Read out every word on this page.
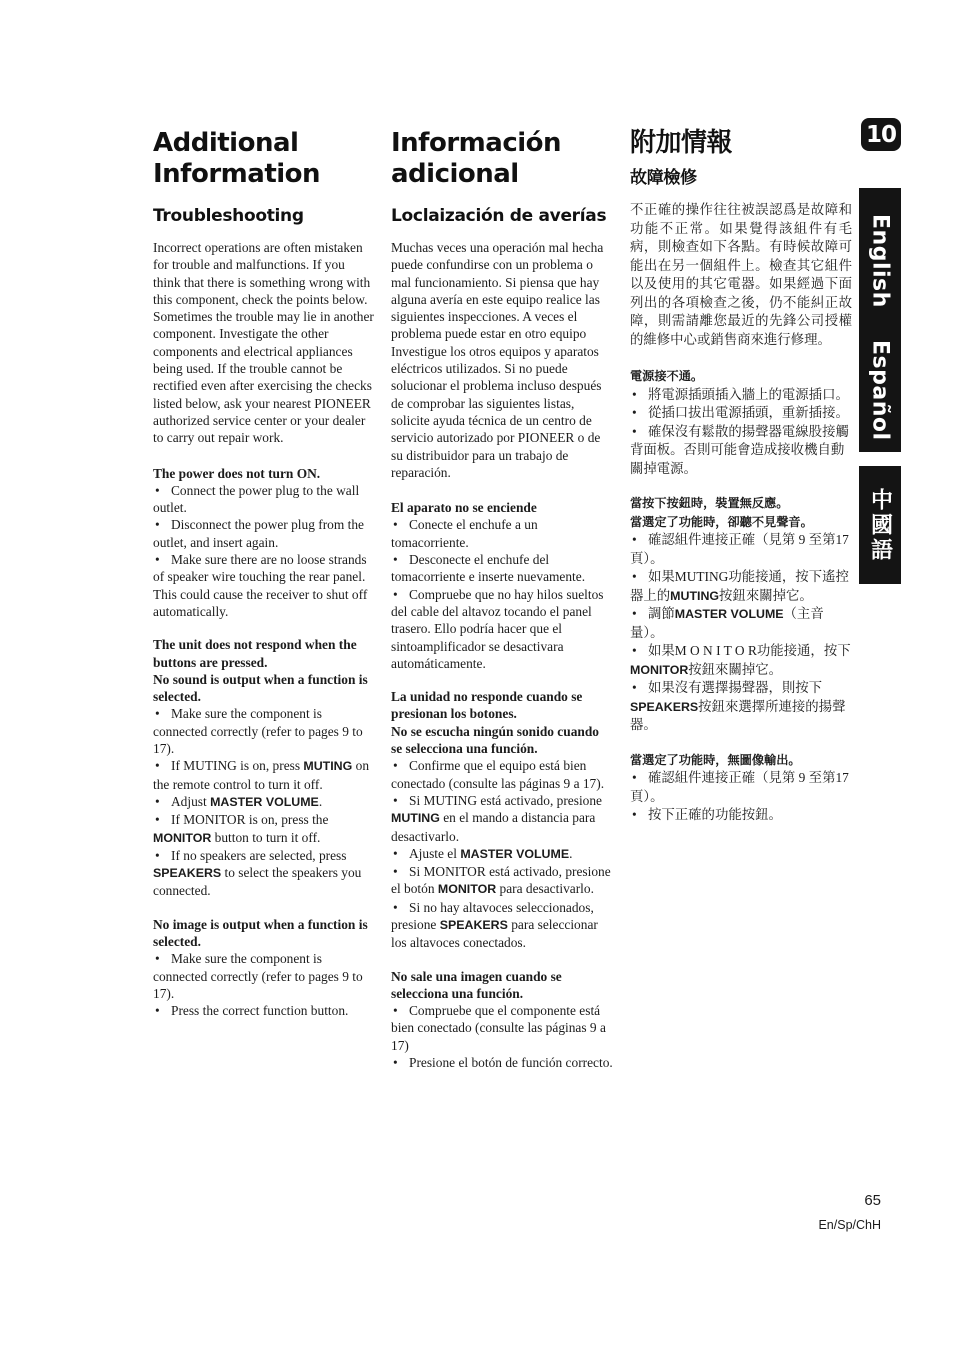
Additional Information
Troubleshooting

Incorrect operations are often mistaken for trouble and malfunctions. If you think that there is something wrong with this component, check the points below. Sometimes the trouble may lie in another component. Investigate the other components and electrical appliances being used. If the trouble cannot be rectified even after exercising the checks listed below, ask your nearest PIONEER authorized service center or your dealer to carry out repair work.

The power does not turn ON.

• Connect the power plug to the wall outlet.
• Disconnect the power plug from the outlet, and insert again.
• Make sure there are no loose strands of speaker wire touching the rear panel. This could cause the receiver to shut off automatically.

The unit does not respond when the buttons are pressed.

No sound is output when a function is selected.

• Make sure the component is connected correctly (refer to pages 9 to 17).
• If MUTING is on, press MUTING on the remote control to turn it off.
• Adjust MASTER VOLUME.
• If MONITOR is on, press the MONITOR button to turn it off.
• If no speakers are selected, press SPEAKERS to select the speakers you connected.

No image is output when a function is selected.

• Make sure the component is connected correctly (refer to pages 9 to 17).
• Press the correct function button.
Información adicional
Loclaización de averías

Muchas veces una operación mal hecha puede confundirse con un problema o mal funcionamiento. Si piensa que hay alguna avería en este equipo realice las siguientes inspecciones. A veces el problema puede estar en otro equipo Investigue los otros equipos y aparatos eléctricos utilizados. Si no puede solucionar el problema incluso después de comprobar las siguientes listas, solicite ayuda técnica de un centro de servicio autorizado por PIONEER o de su distribuidor para un trabajo de reparación.

El aparato no se enciende

• Conecte el enchufe a un tomacorriente.
• Desconecte el enchufe del tomacorriente e inserte nuevamente.
• Compruebe que no hay hilos sueltos del cable del altavoz tocando el panel trasero. Ello podría hacer que el sintoamplificador se desactivara automáticamente.

La unidad no responde cuando se presionan los botones.

No se escucha ningún sonido cuando se selecciona una función.

• Confirme que el equipo está bien conectado (consulte las páginas 9 a 17).
• Si MUTING está activado, presione MUTING en el mando a distancia para desactivarlo.
• Ajuste el MASTER VOLUME.
• Si MONITOR está activado, presione el botón MONITOR para desactivarlo.
• Si no hay altavoces seleccionados, presione SPEAKERS para seleccionar los altavoces conectados.

No sale una imagen cuando se selecciona una función.

• Compruebe que el componente está bien conectado (consulte las páginas 9 a 17)
• Presione el botón de función correcto.
附加情報
故障檢修

不正確的操作往往被誤認爲是故障和功能不正常。如果覺得該組件有毛病，則檢查如下各點。有時候故障可能出在另一個組件上。檢查其它組件以及使用的其它電器。如果經過下面列出的各項檢查之後，仍不能糾正故障，則需請離您最近的先鋒公司授權的維修中心或銷售商來進行修理。

電源接不通。

• 將電源插頭插入牆上的電源插口。
• 從插口拔出電源插頭，重新插接。
• 確保沒有鬆散的揚聲器電線股接觸背面板。否則可能會造成接收機自動關掉電源。

當按下按鈕時，裝置無反應。

當選定了功能時，卻聽不見聲音。

• 確認組件連接正確（見第 9 至第17頁）。
• 如果MUTING功能接通，按下遙控器上的MUTING按鈕來關掉它。
• 調節MASTER VOLUME（主音量）。
• 如果M O N I T O R功能接通，按下MONITOR按鈕來關掉它。
• 如果沒有選擇揚聲器，則按下SPEAKERS按鈕來選擇所連接的揚聲器。

當選定了功能時，無圖像輸出。

• 確認組件連接正確（見第 9 至第17頁）。
• 按下正確的功能按鈕。
10
English
Español
中國語
65
En/Sp/ChH
